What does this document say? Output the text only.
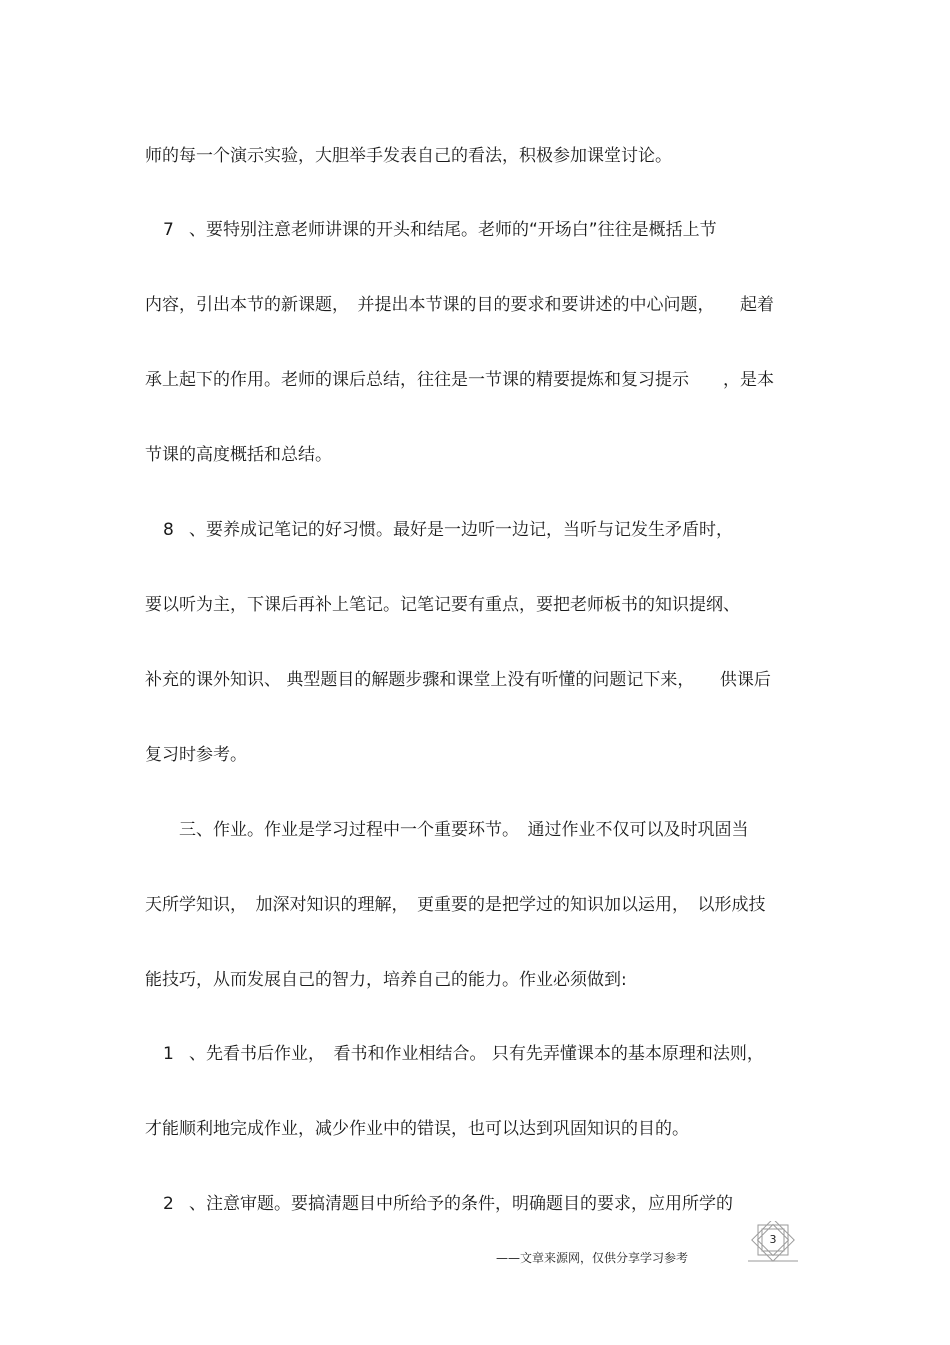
师的每一个演示实验，大胆举手发表自己的看法，积极参加课堂讨论。
7 、要特别注意老师讲课的开头和结尾。老师的“开场白”往往是概括上节
内容，引出本节的新课题，　并提出本节课的目的要求和要讲述的中心问题，　　起着
承上起下的作用。老师的课后总结，往往是一节课的精要提炼和复习提示　　，是本
节课的高度概括和总结。
8 、要养成记笔记的好习惯。最好是一边听一边记，当听与记发生矛盾时，
要以听为主，下课后再补上笔记。记笔记要有重点，要把老师板书的知识提纲、
补充的课外知识、 典型题目的解题步骤和课堂上没有听懂的问题记下来，　　供课后
复习时参考。
　　三、作业。作业是学习过程中一个重要环节。　通过作业不仅可以及时巩固当
天所学知识，　加深对知识的理解，　更重要的是把学过的知识加以运用，　以形成技
能技巧，从而发展自己的智力，培养自己的能力。作业必须做到:
1 、先看书后作业，　看书和作业相结合。 只有先弄懂课本的基本原理和法则，
才能顺利地完成作业，减少作业中的错误，也可以达到巩固知识的目的。
2 、注意审题。要搞清题目中所给予的条件，明确题目的要求，应用所学的
——文章来源网，仅供分享学习参考
3
